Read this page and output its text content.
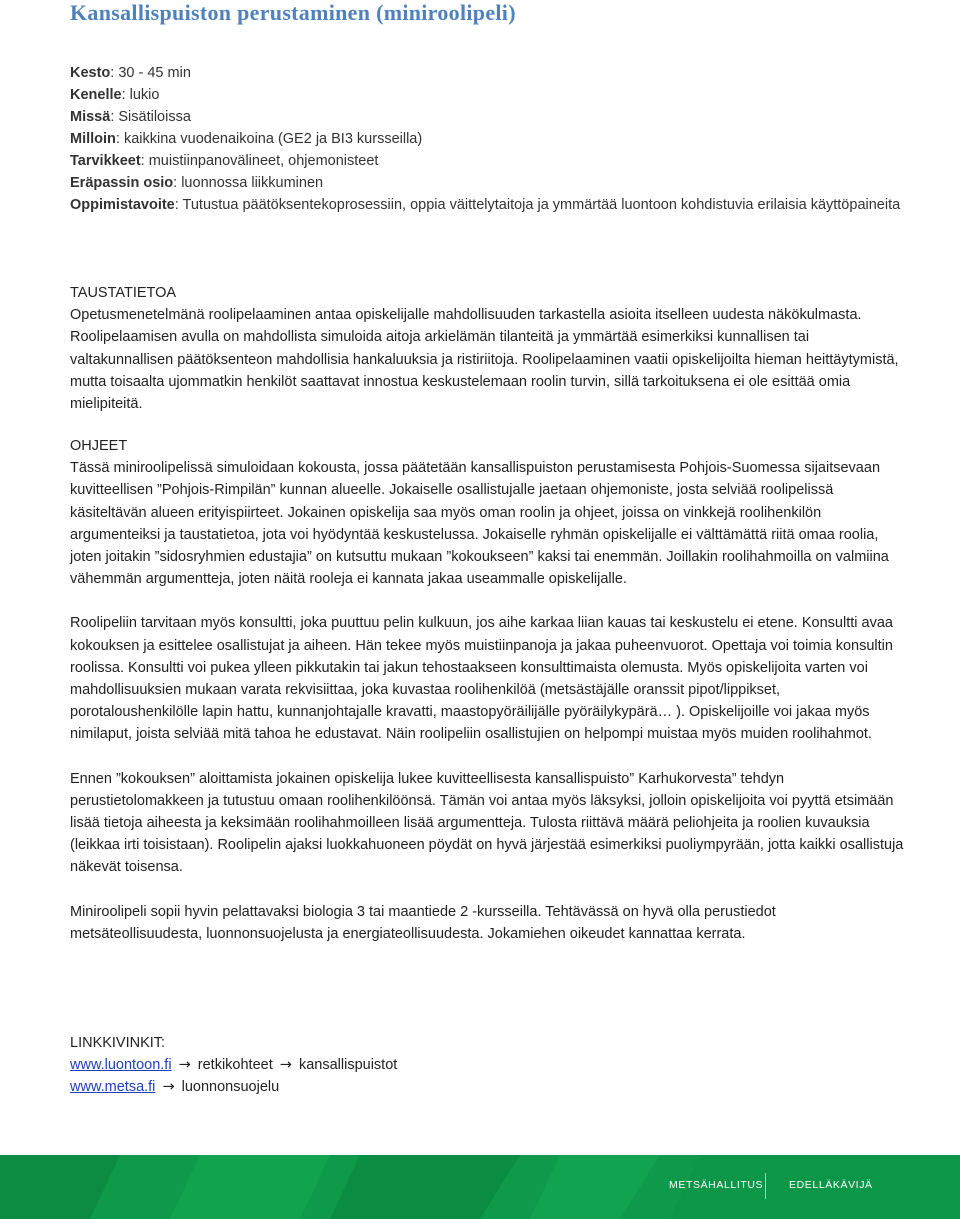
Kansallispuiston perustaminen (miniroolipeli)
Kesto: 30 - 45 min
Kenelle: lukio
Missä: Sisätiloissa
Milloin: kaikkina vuodenaikoina (GE2 ja BI3 kursseilla)
Tarvikkeet: muistiinpanovälineet, ohjemonisteet
Eräpassin osio: luonnossa liikkuminen
Oppimistavoite: Tutustua päätöksentekoprosessiin, oppia väittelytaitoja ja ymmärtää luontoon kohdistuvia erilaisia käyttöpaineita
TAUSTATIETOA

Opetusmenetelmänä roolipelaaminen antaa opiskelijalle mahdollisuuden tarkastella asioita itselleen uudesta näkökulmasta. Roolipelaamisen avulla on mahdollista simuloida aitoja arkielämän tilanteitä ja ymmärtää esimerkiksi kunnallisen tai valtakunnallisen päätöksenteon mahdollisia hankaluuksia ja ristiriitoja. Roolipelaaminen vaatii opiskelijoilta hieman heittäytymistä, mutta toisaalta ujommatkin henkilöt saattavat innostua keskustelemaan roolin turvin, sillä tarkoituksena ei ole esittää omia mielipiteitä.

OHJEET

Tässä miniroolipelissä simuloidaan kokousta, jossa päätetään kansallispuiston perustamisesta Pohjois-Suomessa sijaitsevaan kuvitteellisen ”Pohjois-Rimpilän” kunnan alueelle. Jokaiselle osallistujalle jaetaan ohjemoniste, josta selviää roolipelissä käsiteltävän alueen erityispiirteet. Jokainen opiskelija saa myös oman roolin ja ohjeet, joissa on vinkkejä roolihenkilön argumenteiksi ja taustatietoa, jota voi hyödyntää keskustelussa. Jokaiselle ryhmän opiskelijalle ei välttämättä riitä omaa roolia, joten joitakin ”sidosryhmien edustajia” on kutsuttu mukaan ”kokoukseen” kaksi tai enemmän. Joillakin roolihahmoilla on valmiina vähemmän argumentteja, joten näitä rooleja ei kannata jakaa useammalle opiskelijalle.

Roolipeliin tarvitaan myös konsultti, joka puuttuu pelin kulkuun, jos aihe karkaa liian kauas tai keskustelu ei etene. Konsultti avaa kokouksen ja esittelee osallistujat ja aiheen. Hän tekee myös muistiinpanoja ja jakaa puheenvuorot. Opettaja voi toimia konsultin roolissa. Konsultti voi pukea ylleen pikkutakin tai jakun tehostaakseen konsulttimaista olemusta. Myös opiskelijoita varten voi mahdollisuuksien mukaan varata rekvisiittaa, joka kuvastaa roolihenkilöä (metsästäjälle oranssit pipot/lippikset, porotaloushenkilölle lapin hattu, kunnanjohtajalle kravatti, maastopyöräilijälle pyöräilykypärä… ). Opiskelijoille voi jakaa myös nimilaput, joista selviää mitä tahoa he edustavat. Näin roolipeliin osallistujien on helpompi muistaa myös muiden roolihahmot.

Ennen ”kokouksen” aloittamista jokainen opiskelija lukee kuvitteellisesta kansallispuisto” Karhukorvesta” tehdyn perustietolomakkeen ja tutustuu omaan roolihenkilöönsä. Tämän voi antaa myös läksyksi, jolloin opiskelijoita voi pyyttä etsimään lisää tietoja aiheesta ja keksimään roolihahmoilleen lisää argumentteja. Tulosta riittävä määrä peliohjeita ja roolien kuvauksia (leikkaa irti toisistaan). Roolipelin ajaksi luokkahuoneen pöydät on hyvä järjestää esimerkiksi puoliympyrään, jotta kaikki osallistuja näkevät toisensa.

Miniroolipeli sopii hyvin pelattavaksi biologia 3 tai maantiede 2 -kursseilla. Tehtävässä on hyvä olla perustiedot metsäteollisuudesta, luonnonsuojelusta ja energiateollisuudesta. Jokamiehen oikeudet kannattaa kerrata.

LINKKIVINKIT:
www.luontoon.fi → retkikohteet → kansallispuistot
www.metsa.fi → luonnonsuojelu
METSÄHALLITUS EDELLÄKÄVIJÄ
